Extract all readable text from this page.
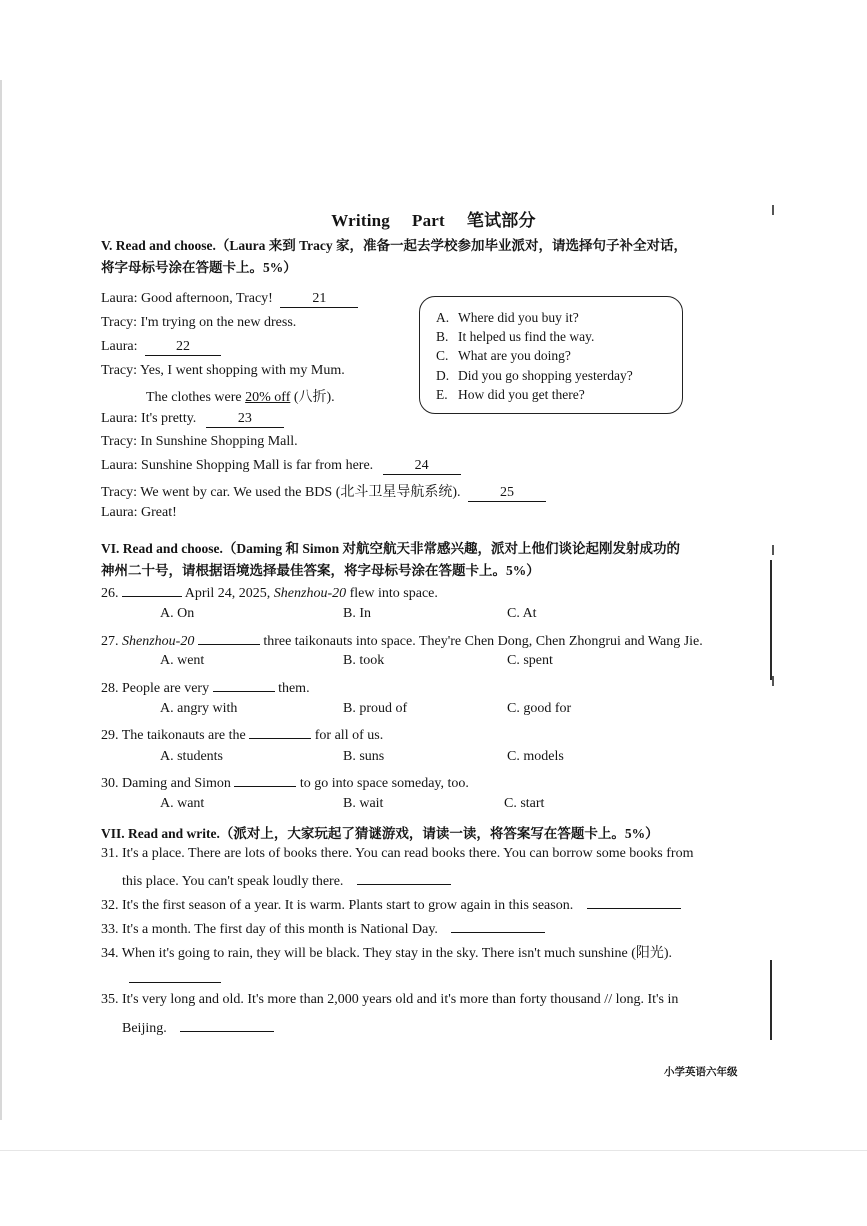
Writing Part 笔试部分
V. Read and choose.（Laura 来到 Tracy 家，准备一起去学校参加毕业派对，请选择句子补全对话，
将字母标号涂在答题卡上。5%）
Laura: Good afternoon, Tracy!	21
Tracy: I'm trying on the new dress.
Laura:	22
Tracy: Yes, I went shopping with my Mum.
The clothes were 20% off (八折).
Laura: It's pretty.	23
Tracy: In Sunshine Shopping Mall.
Laura: Sunshine Shopping Mall is far from here.	24
Tracy: We went by car. We used the BDS (北斗卫星导航系统).	25
Laura: Great!
A. Where did you buy it?
B. It helped us find the way.
C. What are you doing?
D. Did you go shopping yesterday?
E. How did you get there?
VI. Read and choose.（Daming 和 Simon 对航空航天非常感兴趣，派对上他们谈论起刚发射成功的
神州二十号，请根据语境选择最佳答案，将字母标号涂在答题卡上。5%）
26.	April 24, 2025, Shenzhou-20 flew into space.
A. On	B. In	C. At
27. Shenzhou-20	three taikonauts into space. They're Chen Dong, Chen Zhongrui and Wang Jie.
A. went	B. took	C. spent
28. People are very	them.
A. angry with	B. proud of	C. good for
29. The taikonauts are the	for all of us.
A. students	B. suns	C. models
30. Daming and Simon	to go into space someday, too.
A. want	B. wait	C. start
VII. Read and write.（派对上，大家玩起了猜谜游戏，请读一读，将答案写在答题卡上。5%）
31. It's a place. There are lots of books there. You can read books there. You can borrow some books from
this place. You can't speak loudly there.
32. It's the first season of a year. It is warm. Plants start to grow again in this season.
33. It's a month. The first day of this month is National Day.
34. When it's going to rain, they will be black. They stay in the sky. There isn't much sunshine (阳光).
35. It's very long and old. It's more than 2,000 years old and it's more than forty thousand // long. It's in
Beijing.
小学英语六年级
